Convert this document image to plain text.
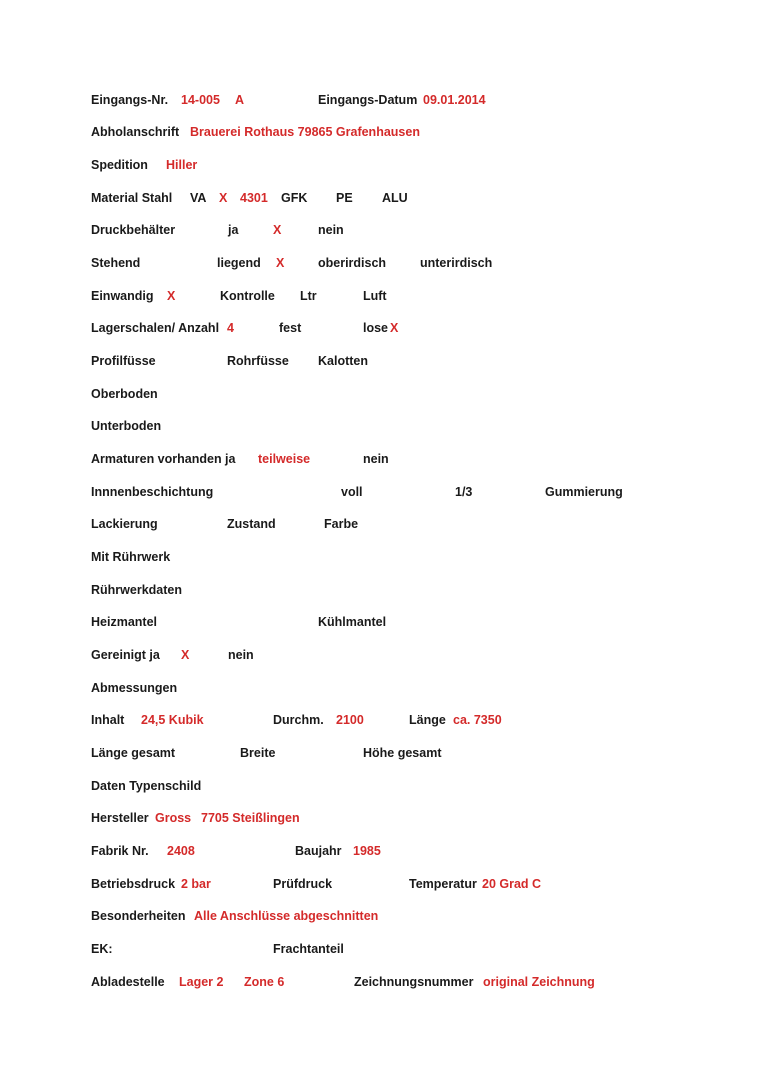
Eingangs-Nr. 14-005 A	Eingangs-Datum 09.01.2014
Abholanschrift Brauerei Rothaus 79865 Grafenhausen
Spedition Hiller
Material Stahl VA X 4301 GFK PE ALU
Druckbehälter	ja	X	nein
Stehend	liegend X	oberirdisch	unterirdisch
Einwandig X	Kontrolle Ltr	Luft
Lagerschalen/ Anzahl 4	fest	lose X
Profilfüsse	Rohrfüsse Kalotten
Oberboden
Unterboden
Armaturen vorhanden ja teilweise	nein
Innnenbeschichtung	voll	1/3	Gummierung
Lackierung	Zustand	Farbe
Mit Rührwerk
Rührwerkdaten
Heizmantel	Kühlmantel
Gereinigt ja X	nein
Abmessungen
Inhalt 24,5 Kubik	Durchm. 2100	Länge ca. 7350
Länge gesamt	Breite	Höhe gesamt
Daten Typenschild
Hersteller Gross 7705 Steißlingen
Fabrik Nr. 2408	Baujahr 1985
Betriebsdruck 2 bar	Prüfdruck	Temperatur 20 Grad C
Besonderheiten Alle Anschlüsse abgeschnitten
EK:	Frachtanteil
Abladestelle Lager 2 Zone 6	Zeichnungsnummer original Zeichnung
